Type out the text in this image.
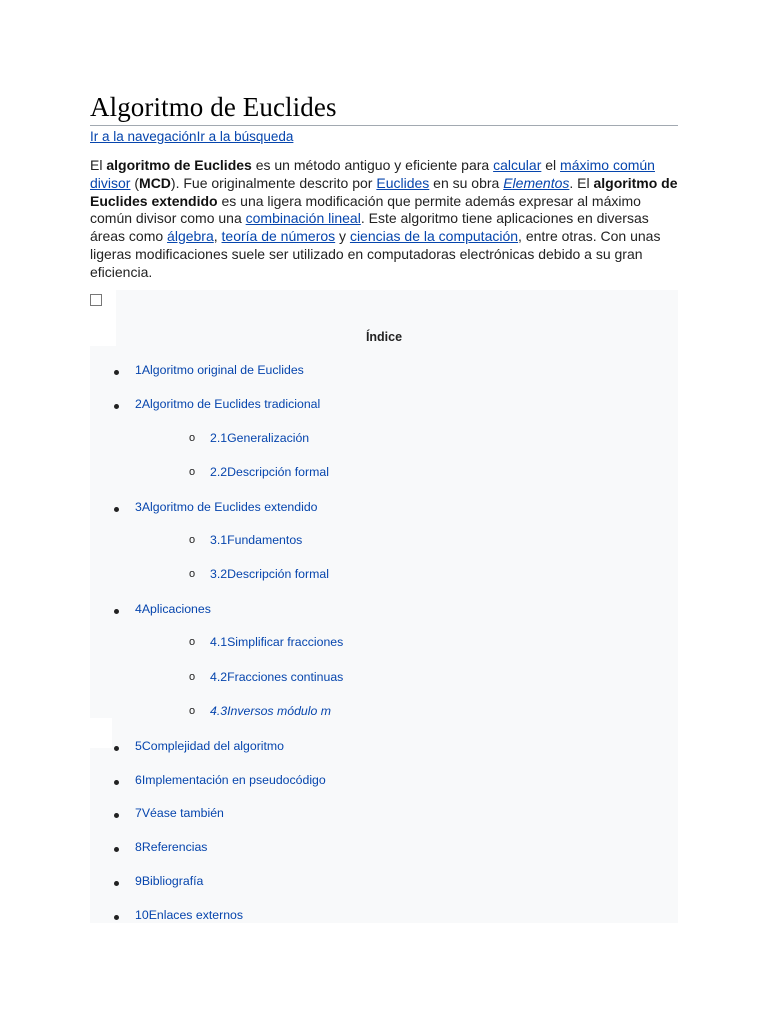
Algoritmo de Euclides
Ir a la navegaciónIr a la búsqueda
El algoritmo de Euclides es un método antiguo y eficiente para calcular el máximo común divisor (MCD). Fue originalmente descrito por Euclides en su obra Elementos. El algoritmo de Euclides extendido es una ligera modificación que permite además expresar al máximo común divisor como una combinación lineal. Este algoritmo tiene aplicaciones en diversas áreas como álgebra, teoría de números y ciencias de la computación, entre otras. Con unas ligeras modificaciones suele ser utilizado en computadoras electrónicas debido a su gran eficiencia.
Índice
1Algoritmo original de Euclides
2Algoritmo de Euclides tradicional
o 2.1Generalización
o 2.2Descripción formal
3Algoritmo de Euclides extendido
o 3.1Fundamentos
o 3.2Descripción formal
4Aplicaciones
o 4.1Simplificar fracciones
o 4.2Fracciones continuas
o 4.3Inversos módulo m
5Complejidad del algoritmo
6Implementación en pseudocódigo
7Véase también
8Referencias
9Bibliografía
10Enlaces externos
